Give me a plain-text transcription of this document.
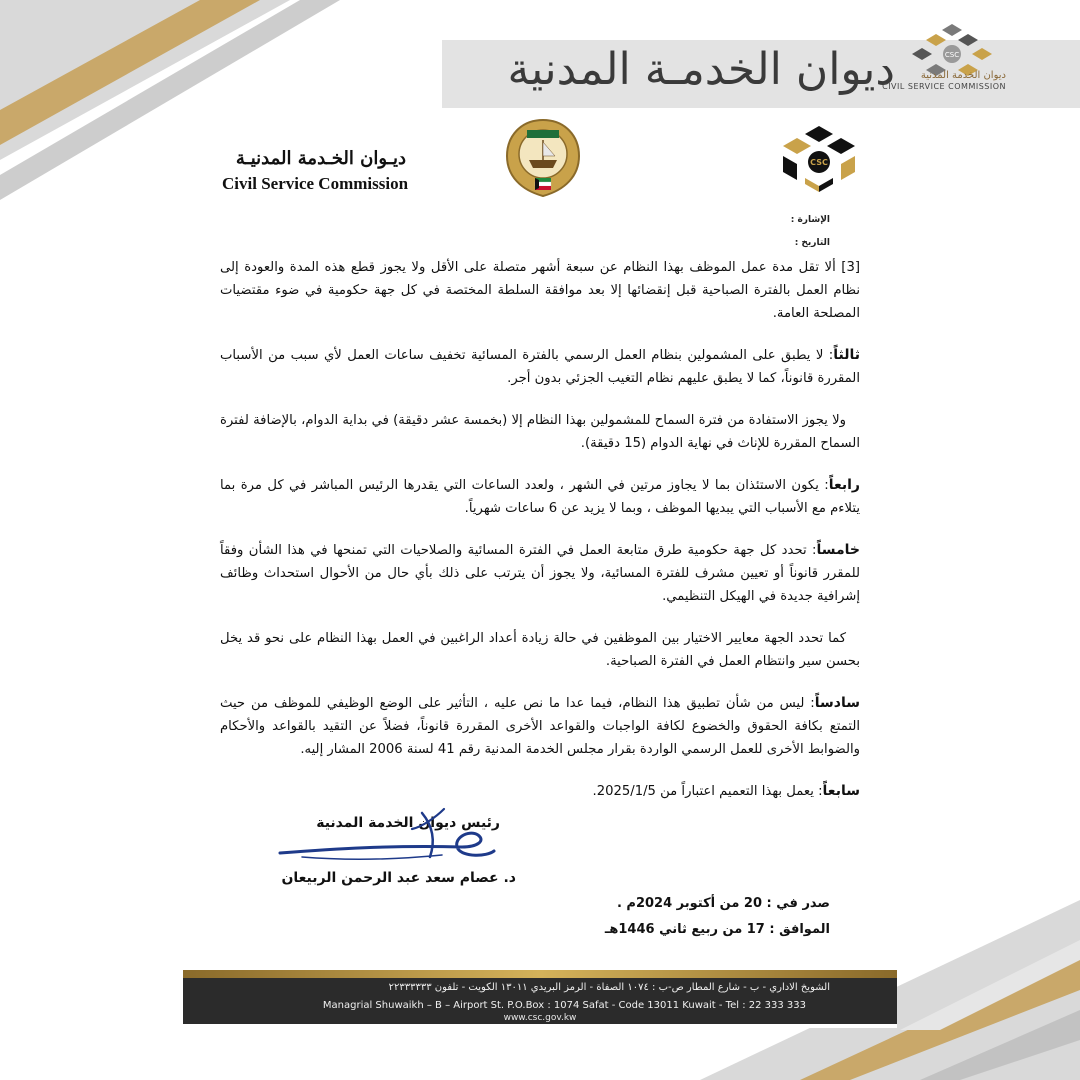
ديوان الخدمـة المدنية	CSC
ديوان الخدمة المدنية
CIVIL SERVICE COMMISSION
ديـوان الخـدمة المدنيـة
Civil Service Commission
CSC
الإشارة :
التاريخ :

[3] ألا تقل مدة عمل الموظف بهذا النظام عن سبعة أشهر متصلة على الأقل ولا يجوز قطع هذه المدة والعودة إلى نظام العمل بالفترة الصباحية قبل إنقضائها إلا بعد موافقة السلطة المختصة في كل جهة حكومية في ضوء مقتضيات المصلحة العامة.

ثالثاً: لا يطبق على المشمولين بنظام العمل الرسمي بالفترة المسائية تخفيف ساعات العمل لأي سبب من الأسباب المقررة قانوناً، كما لا يطبق عليهم نظام التغيب الجزئي بدون أجر.

ولا يجوز الاستفادة من فترة السماح للمشمولين بهذا النظام إلا (بخمسة عشر دقيقة) في بداية الدوام، بالإضافة لفترة السماح المقررة للإناث في نهاية الدوام (15 دقيقة).

رابعاً: يكون الاستئذان بما لا يجاوز مرتين في الشهر ، ولعدد الساعات التي يقدرها الرئيس المباشر في كل مرة بما يتلاءم مع الأسباب التي يبديها الموظف ، وبما لا يزيد عن 6 ساعات شهرياً.

خامساً: تحدد كل جهة حكومية طرق متابعة العمل في الفترة المسائية والصلاحيات التي تمنحها في هذا الشأن وفقاً للمقرر قانوناً أو تعيين مشرف للفترة المسائية، ولا يجوز أن يترتب على ذلك بأي حال من الأحوال استحداث وظائف إشرافية جديدة في الهيكل التنظيمي.

كما تحدد الجهة معايير الاختيار بين الموظفين في حالة زيادة أعداد الراغبين في العمل بهذا النظام على نحو قد يخل بحسن سير وانتظام العمل في الفترة الصباحية.

سادساً: ليس من شأن تطبيق هذا النظام، فيما عدا ما نص عليه ، التأثير على الوضع الوظيفي للموظف من حيث التمتع بكافة الحقوق والخضوع لكافة الواجبات والقواعد الأخرى المقررة قانوناً، فضلاً عن التقيد بالقواعد والأحكام والضوابط الأخرى للعمل الرسمي الواردة بقرار مجلس الخدمة المدنية رقم 41 لسنة 2006 المشار إليه.

سابعاً: يعمل بهذا التعميم اعتباراً من 2025/1/5.

رئيس ديوان الخدمة المدنية
د. عصام سعد عبد الرحمن الربيعان
صدر في : 20 من أكتوبر 2024م .
الموافق : 17 من ربيع ثاني 1446هـ
الشويخ الاداري - ب - شارع المطار ص-ب : ١٠٧٤ الصفاة - الرمز البريدي ١٣٠١١ الكويت - تلفون ٢٢٣٣٣٣٣٣
Managrial Shuwaikh – B – Airport St. P.O.Box : 1074 Safat - Code 13011 Kuwait - Tel : 22 333 333
www.csc.gov.kw
